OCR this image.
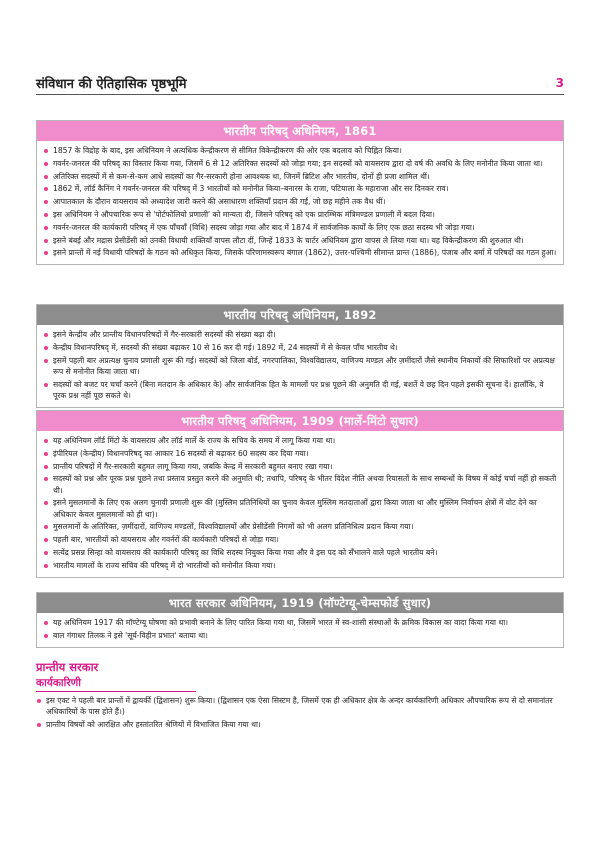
संविधान की ऐतिहासिक पृष्ठभूमि	3
भारतीय परिषद् अधिनियम, 1861
1857 के विद्रोह के बाद, इस अधिनियम ने अत्यधिक केन्द्रीकरण से सीमित विकेन्द्रीकरण की ओर एक बदलाव को चिह्नित किया।
गवर्नर-जनरल की परिषद् का विस्तार किया गया, जिसमें 6 से 12 अतिरिक्त सदस्यों को जोड़ा गया; इन सदस्यों को वायसराय द्वारा दो वर्ष की अवधि के लिए मनोनीत किया जाता था।
अतिरिक्त सदस्यों में से कम-से-कम आधे सदस्यों का गैर-सरकारी होना आवश्यक था, जिनमें ब्रिटिश और भारतीय, दोनों ही प्रजा शामिल थीं।
1862 में, लॉर्ड कैनिंग ने गवर्नर-जनरल की परिषद् में 3 भारतीयों को मनोनीत किया–बनारस के राजा, पटियाला के महाराजा और सर दिनकर राव।
आपातकाल के दौरान वायसराय को अध्यादेश जारी करने की असाधारण शक्तियाँ प्रदान की गईं, जो छह महीने तक वैध थीं।
इस अधिनियम ने औपचारिक रूप से 'पोर्टफोलियो प्रणाली' को मान्यता दी, जिसने परिषद् को एक प्रारम्भिक मंत्रिमण्डल प्रणाली में बदल दिया।
गवर्नर-जनरल की कार्यकारी परिषद् में एक पाँचवाँ (विधि) सदस्य जोड़ा गया और बाद में 1874 में सार्वजनिक कार्यों के लिए एक छठा सदस्य भी जोड़ा गया।
इसने बंबई और मद्रास प्रेसीडेंसी को उनकी विधायी शक्तियाँ वापस लौटा दीं, जिन्हें 1833 के चार्टर अधिनियम द्वारा वापस ले लिया गया था। यह विकेन्द्रीकरण की शुरुआत थी।
इसने प्रान्तों में नई विधायी परिषदों के गठन को अधिकृत किया, जिसके परिणामस्वरूप बंगाल (1862), उत्तर-पश्चिमी सीमान्त प्रान्त (1886), पंजाब और बर्मा में परिषदों का गठन हुआ।
भारतीय परिषद् अधिनियम, 1892
इसने केन्द्रीय और प्रान्तीय विधानपरिषदों में गैर-सरकारी सदस्यों की संख्या बढ़ा दी।
केन्द्रीय विधानपरिषद् में, सदस्यों की संख्या बढ़ाकर 10 से 16 कर दी गई। 1892 में, 24 सदस्यों में से केवल पाँच भारतीय थे।
इसमें पहली बार अप्रत्यक्ष चुनाव प्रणाली शुरू की गई। सदस्यों को जिला बोर्ड, नगरपालिका, विश्वविद्यालय, वाणिज्य मण्डल और ज़मींदारों जैसे स्थानीय निकायों की सिफारिशों पर अप्रत्यक्ष रूप से मनोनीत किया जाता था।
सदस्यों को बजट पर चर्चा करने (बिना मतदान के अधिकार के) और सार्वजनिक हित के मामलों पर प्रश्न पूछने की अनुमति दी गई, बशर्ते वे छह दिन पहले इसकी सूचना दें। हालाँकि, वे पूरक प्रश्न नहीं पूछ सकते थे।
भारतीय परिषद् अधिनियम, 1909 (मार्ले-मिंटो सुधार)
यह अधिनियम लॉर्ड मिंटो के वायसराय और लॉर्ड मार्ले के राज्य के सचिव के समय में लागू किया गया था।
इंपीरियल (केन्द्रीय) विधानपरिषद् का आकार 16 सदस्यों से बढ़ाकर 60 सदस्य कर दिया गया।
प्रान्तीय परिषदों में गैर-सरकारी बहुमत लागू किया गया, जबकि केन्द्र में सरकारी बहुमत बनाए रखा गया।
सदस्यों को प्रश्न और पूरक प्रश्न पूछने तथा प्रस्ताव प्रस्तुत करने की अनुमति थी; तथापि, परिषद् के भीतर विदेश नीति अथवा रियासतों के साथ सम्बन्धों के विषय में कोई चर्चा नहीं हो सकती थी।
इसने मुसलमानों के लिए एक अलग चुनावी प्रणाली शुरू की (मुस्लिम प्रतिनिधियों का चुनाव केवल मुस्लिम मतदाताओं द्वारा किया जाता था और मुस्लिम निर्वाचन क्षेत्रों में वोट देने का अधिकार केवल मुसलमानों को ही था)।
मुसलमानों के अतिरिक्त, ज़मींदारों, वाणिज्य मण्डलों, विश्वविद्यालयों और प्रेसीडेंसी निगमों को भी अलग प्रतिनिधित्व प्रदान किया गया।
पहली बार, भारतीयों को वायसराय और गवर्नरों की कार्यकारी परिषदों से जोड़ा गया।
सत्येंद्र प्रसन्न सिन्हा को वायसराय की कार्यकारी परिषद् का विधि सदस्य नियुक्त किया गया और वे इस पद को सँभालने वाले पहले भारतीय बने।
भारतीय मामलों के राज्य सचिव की परिषद् में दो भारतीयों को मनोनीत किया गया।
भारत सरकार अधिनियम, 1919 (मॉण्टेग्यू-चेम्सफोर्ड सुधार)
यह अधिनियम 1917 की मॉण्टेग्यू घोषणा को प्रभावी बनाने के लिए पारित किया गया था, जिसमें भारत में स्व-शासी संस्थाओं के क्रमिक विकास का वादा किया गया था।
बाल गंगाधर तिलक ने इसे 'सूर्य-विहीन प्रभात' बताया था।
प्रान्तीय सरकार
कार्यकारिणी
इस एक्ट ने पहली बार प्रान्तों में द्वायर्की (द्विशासन) शुरू किया। (द्विशासन एक ऐसा सिस्टम है, जिसमें एक ही अधिकार क्षेत्र के अन्दर कार्यकारिणी अधिकार औपचारिक रूप से दो समानांतर अधिकारियों के पास होते हैं।)
प्रान्तीय विषयों को आरक्षित और हस्तांतरित श्रेणियों में विभाजित किया गया था।
